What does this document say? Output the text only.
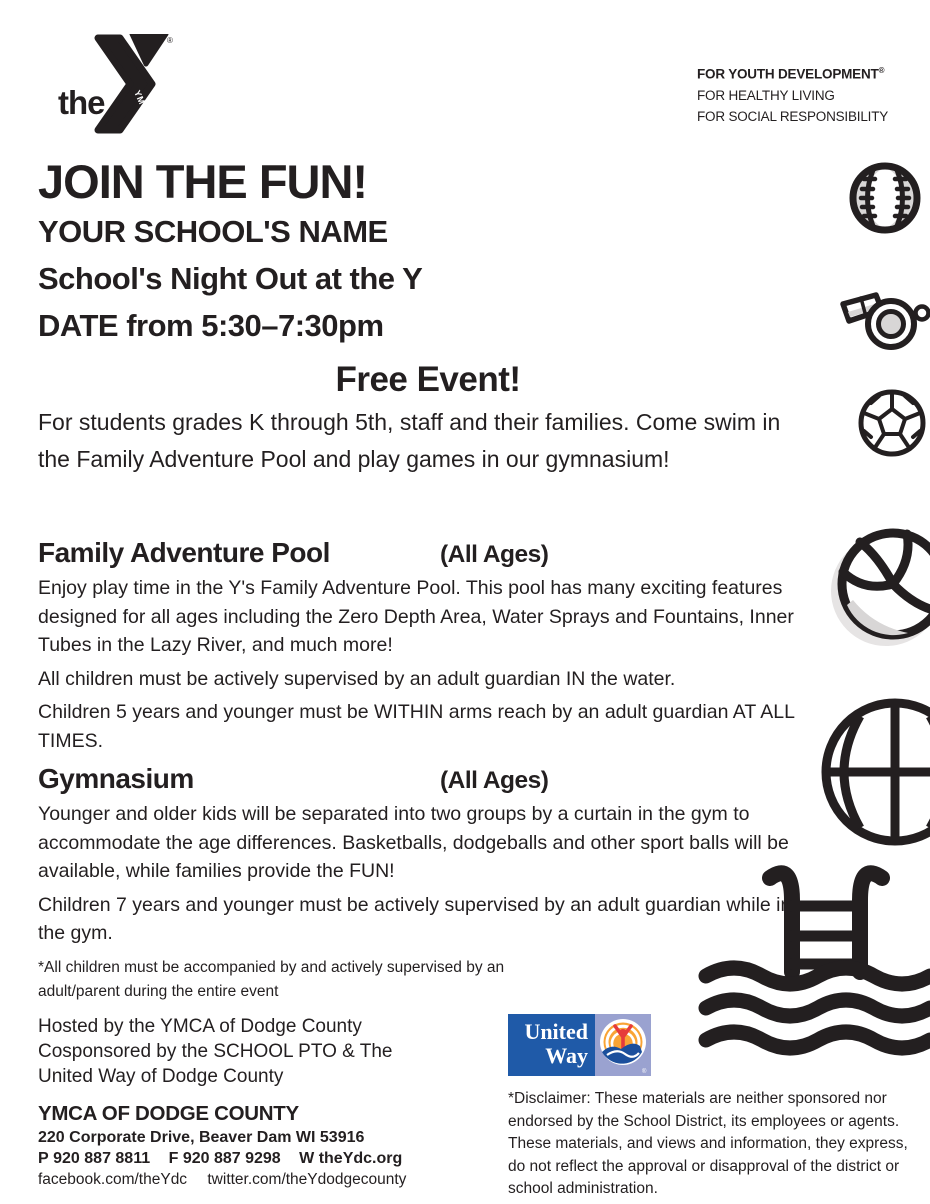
the	YMCA
®
FOR YOUTH DEVELOPMENT®
FOR HEALTHY LIVING
FOR SOCIAL RESPONSIBILITY
JOIN THE FUN!

YOUR SCHOOL'S NAME

School's Night Out at the Y

DATE from 5:30–7:30pm

Free Event!

For students grades K through 5th, staff and their families. Come swim in the Family Adventure Pool and play games in our gymnasium!

Family Adventure Pool	(All Ages)

Enjoy play time in the Y's Family Adventure Pool. This pool has many exciting features designed for all ages including the Zero Depth Area, Water Sprays and Fountains, Inner Tubes in the Lazy River, and much more!

All children must be actively supervised by an adult guardian IN the water.

Children 5 years and younger must be WITHIN arms reach by an adult guardian AT ALL TIMES.

Gymnasium	(All Ages)

Younger and older kids will be separated into two groups by a curtain in the gym to accommodate the age differences. Basketballs, dodgeballs and other sport balls will be available, while families provide the FUN!

Children 7 years and younger must be actively supervised by an adult guardian while in the gym.

*All children must be accompanied by and actively supervised by an adult/parent during the entire event

Hosted by the YMCA of Dodge County

Cosponsored by the SCHOOL PTO & The United Way of Dodge County

YMCA OF DODGE COUNTY

220 Corporate Drive, Beaver Dam WI 53916

P 920 887 8811 F 920 887 9298 W theYdc.org

facebook.com/theYdc twitter.com/theYdodgecounty

United
Way
®
*Disclaimer: These materials are neither sponsored nor endorsed by the School District, its employees or agents. These materials, and views and information, they express, do not reflect the approval or disapproval of the district or school administration.
